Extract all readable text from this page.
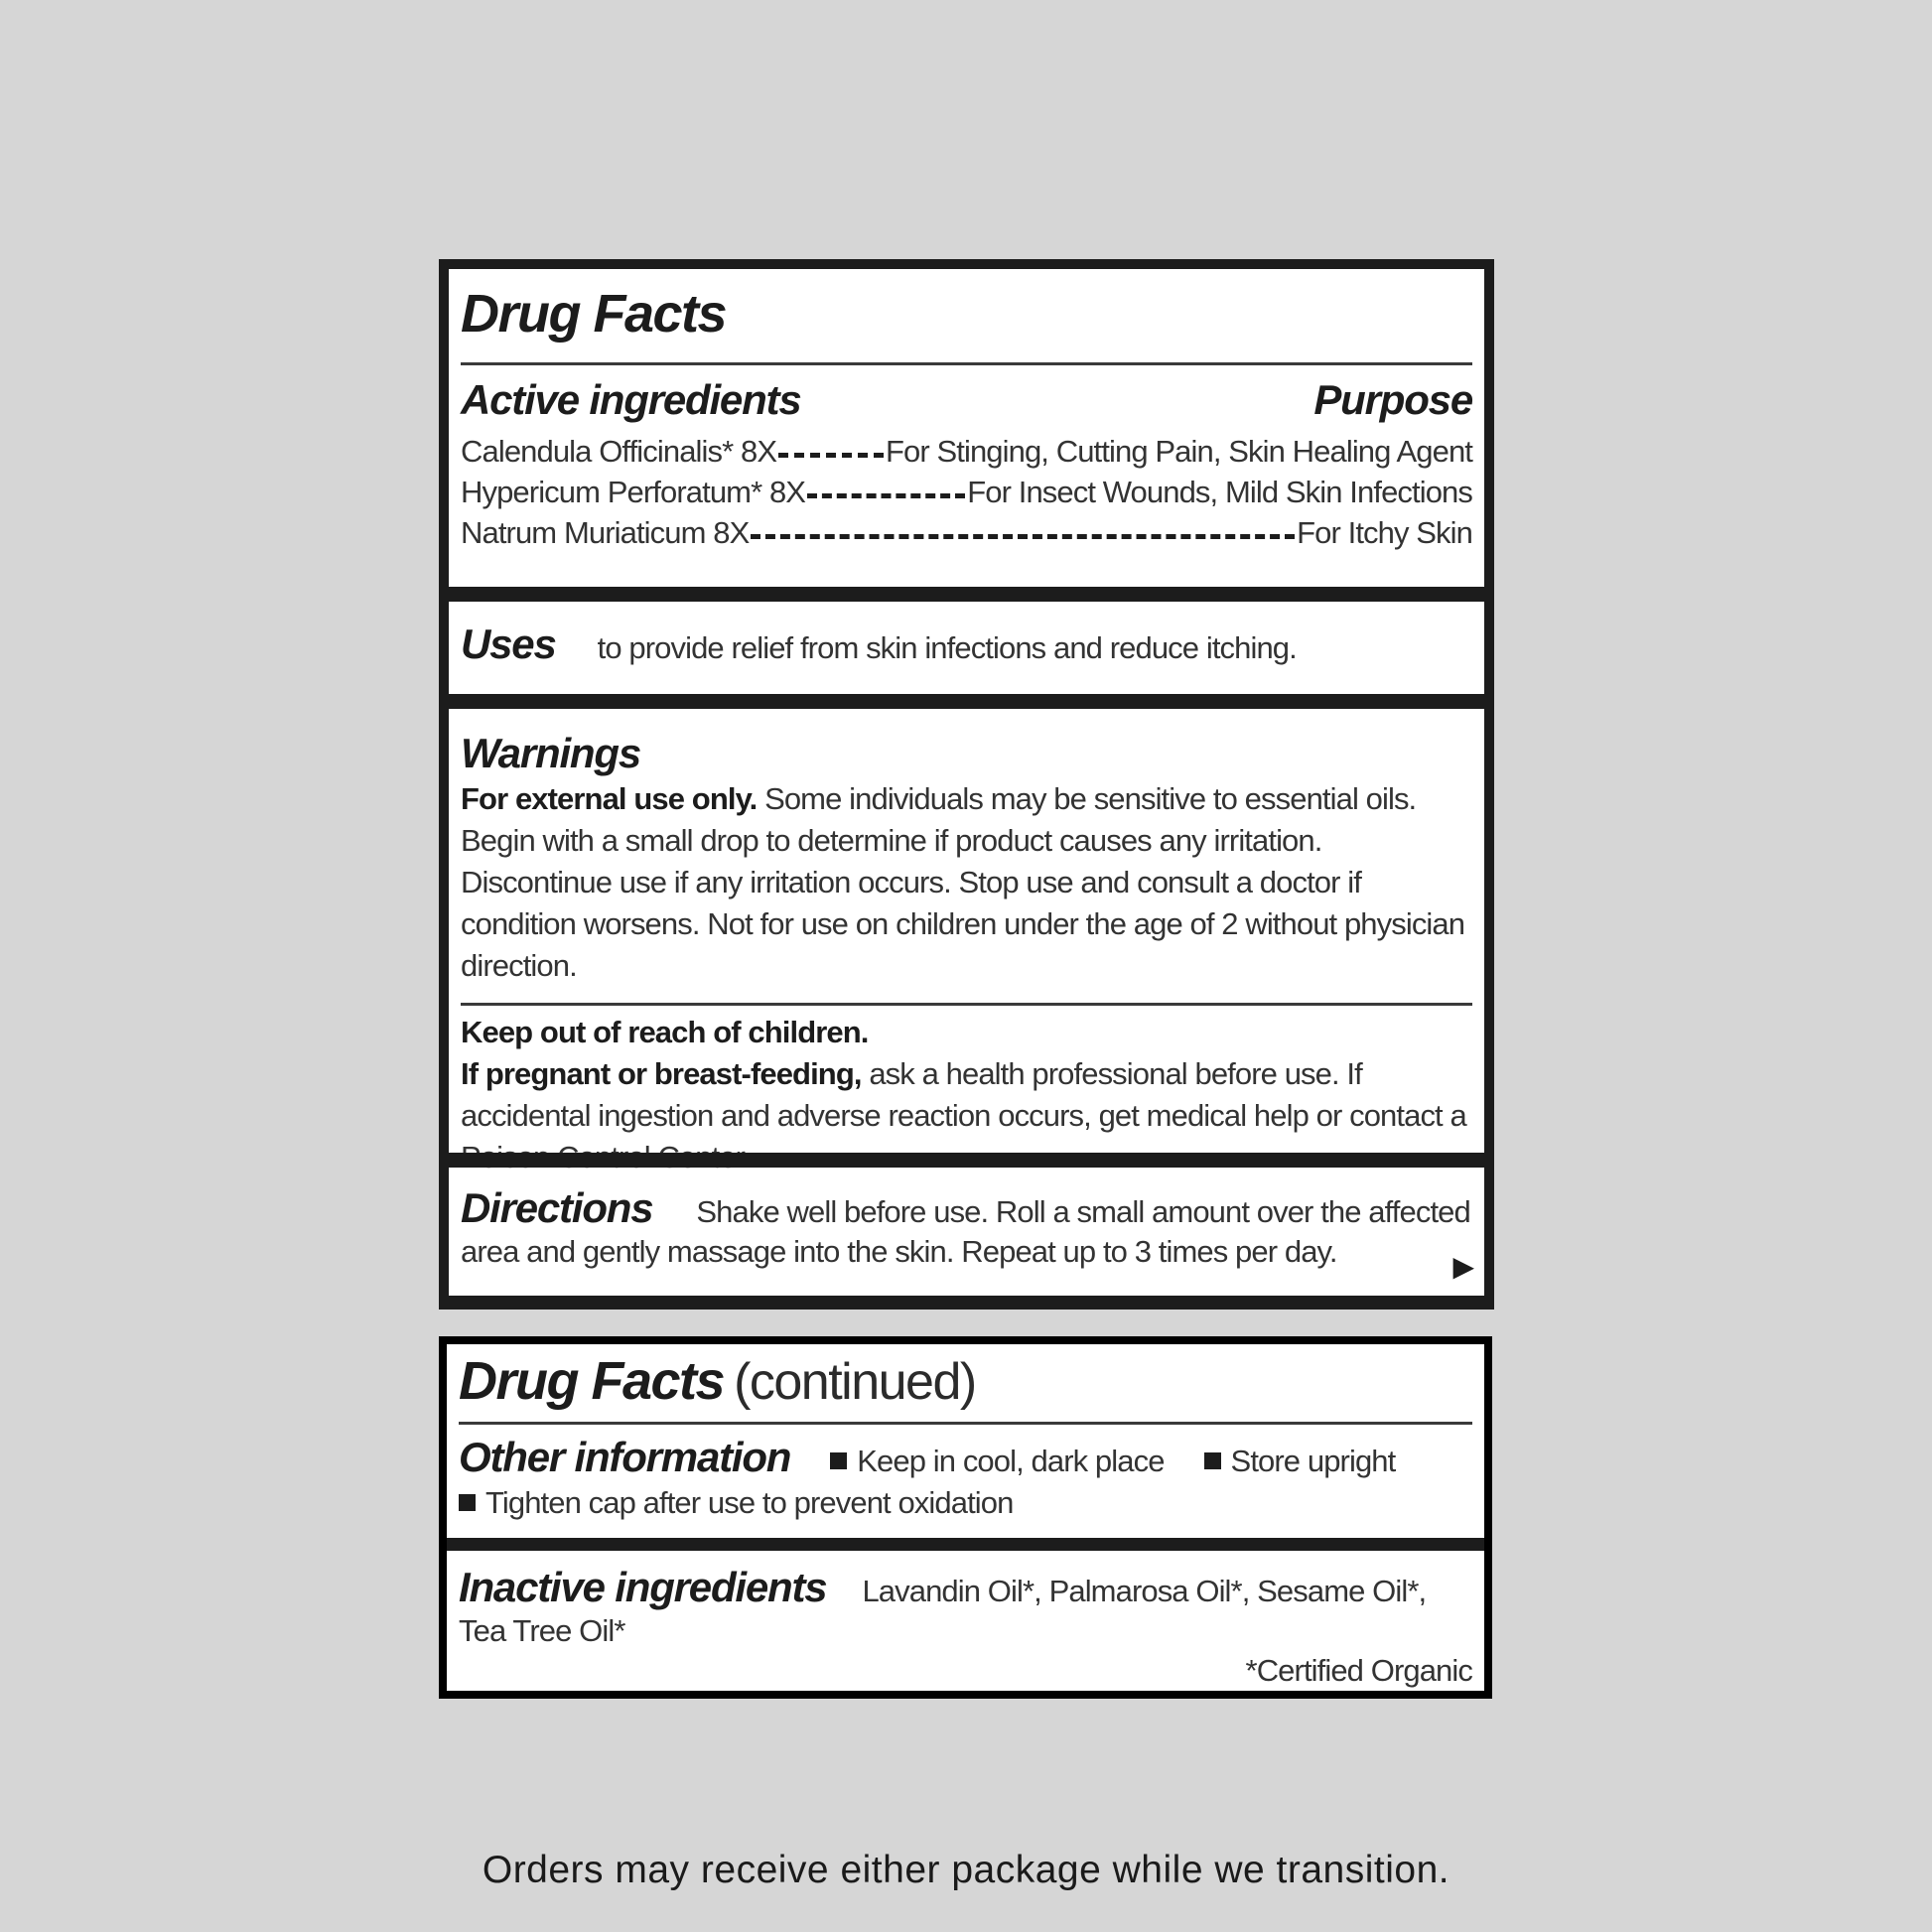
Drug Facts
Active ingredients	Purpose
Calendula Officinalis* 8X	For Stinging, Cutting Pain, Skin Healing Agent
Hypericum Perforatum* 8X	For Insect Wounds, Mild Skin Infections
Natrum Muriaticum 8X	For Itchy Skin
Uses to provide relief from skin infections and reduce itching.
Warnings
For external use only. Some individuals may be sensitive to essential oils. Begin with a small drop to determine if product causes any irritation. Discontinue use if any irritation occurs. Stop use and consult a doctor if condition worsens. Not for use on children under the age of 2 without physician direction.
Keep out of reach of children.
If pregnant or breast-feeding, ask a health professional before use. If accidental ingestion and adverse reaction occurs, get medical help or contact a
Directions Shake well before use. Roll a small amount over the affected area and gently massage into the skin. Repeat up to 3 times per day.	▶
Drug Facts (continued)
Other information Keep in cool, dark place Store upright
Tighten cap after use to prevent oxidation
Inactive ingredients Lavandin Oil*, Palmarosa Oil*, Sesame Oil*, Tea Tree Oil*
*Certified Organic
Orders may receive either package while we transition.
